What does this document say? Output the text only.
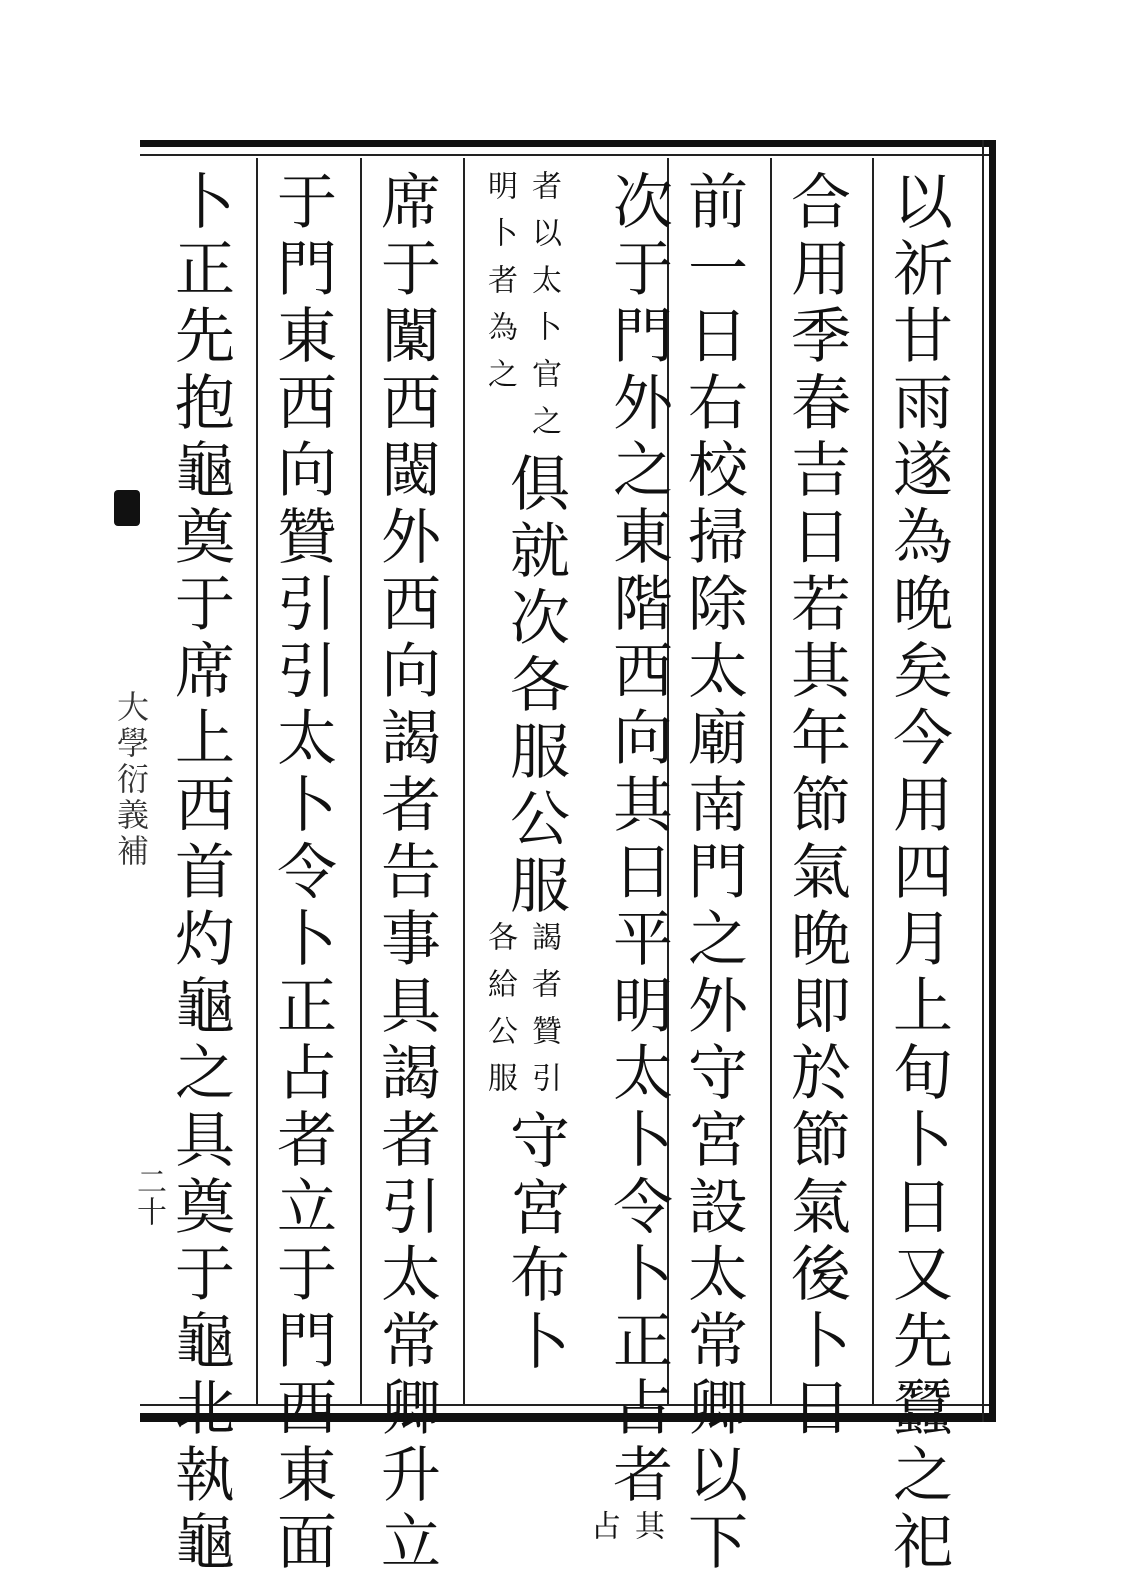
大學衍義補
二十	以祈甘雨遂為晚矣今用四月上旬卜日又先蠶之祀
合用季春吉日若其年節氣晚即於節氣後卜日
前一日右校掃除太廟南門之外守宮設太常卿以下
次于門外之東階西向其日平明太卜令卜正占者
其
占
者以太卜官之
明卜者為之
俱就次各服公服
謁者贊引
各給公服
守宮布卜
席于闑西閾外西向謁者告事具謁者引太常卿升立
于門東西向贊引引太卜令卜正占者立于門西東面
卜正先抱龜奠于席上西首灼龜之具奠于龜北執龜
